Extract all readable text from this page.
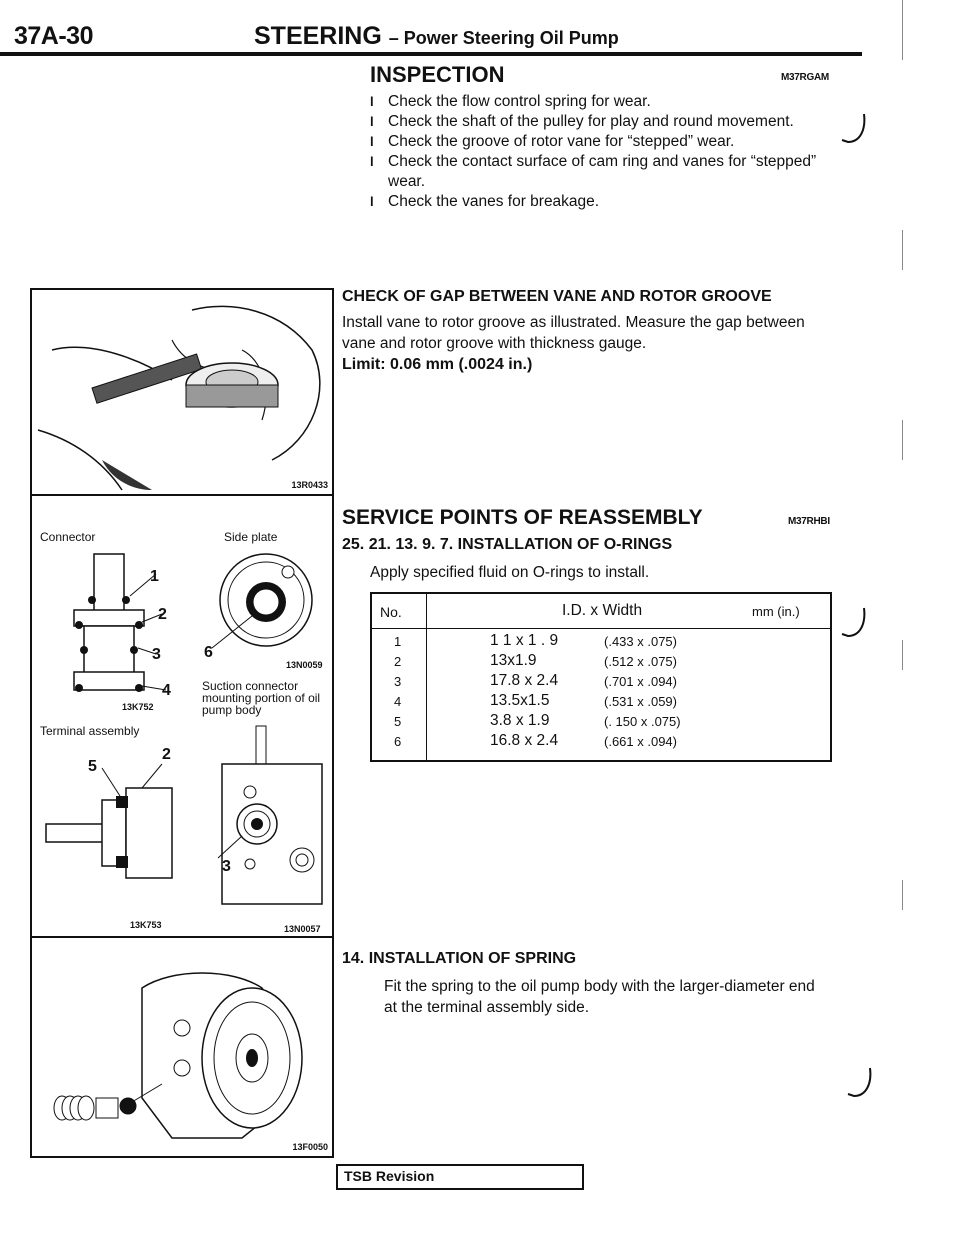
37A-30	STEERING – Power Steering Oil Pump
INSPECTION	M37RGAM
l Check the flow control spring for wear.
l Check the shaft of the pulley for play and round movement.
l Check the groove of rotor vane for “stepped” wear.
l Check the contact surface of cam ring and vanes for “stepped” wear.
l Check the vanes for breakage.
CHECK OF GAP BETWEEN VANE AND ROTOR GROOVE
Install vane to rotor groove as illustrated. Measure the gap between vane and rotor groove with thickness gauge.
Limit: 0.06 mm (.0024 in.)
SERVICE POINTS OF REASSEMBLY	M37RHBI
25. 21. 13. 9. 7. INSTALLATION OF O-RINGS
Apply specified fluid on O-rings to install.
No.	I.D. x Width	mm (in.)
1	1 1 x 1 . 9	(.433 x .075)
2	13x1.9	(.512 x .075)
3	17.8 x 2.4	(.701 x .094)
4	13.5x1.5	(.531 x .059)
5	3.8 x 1.9	(. 150 x .075)
6	16.8 x 2.4	(.661 x .094)
14. INSTALLATION OF SPRING
Fit the spring to the oil pump body with the larger-diameter end at the terminal assembly side.
13R0433
Connector	Side plate
1
2
3
4
13K752
6
13N0059
Suction connector mounting portion of oil pump body
Terminal assembly
5
2
3
13K753	13N0057
13F0050
TSB Revision
